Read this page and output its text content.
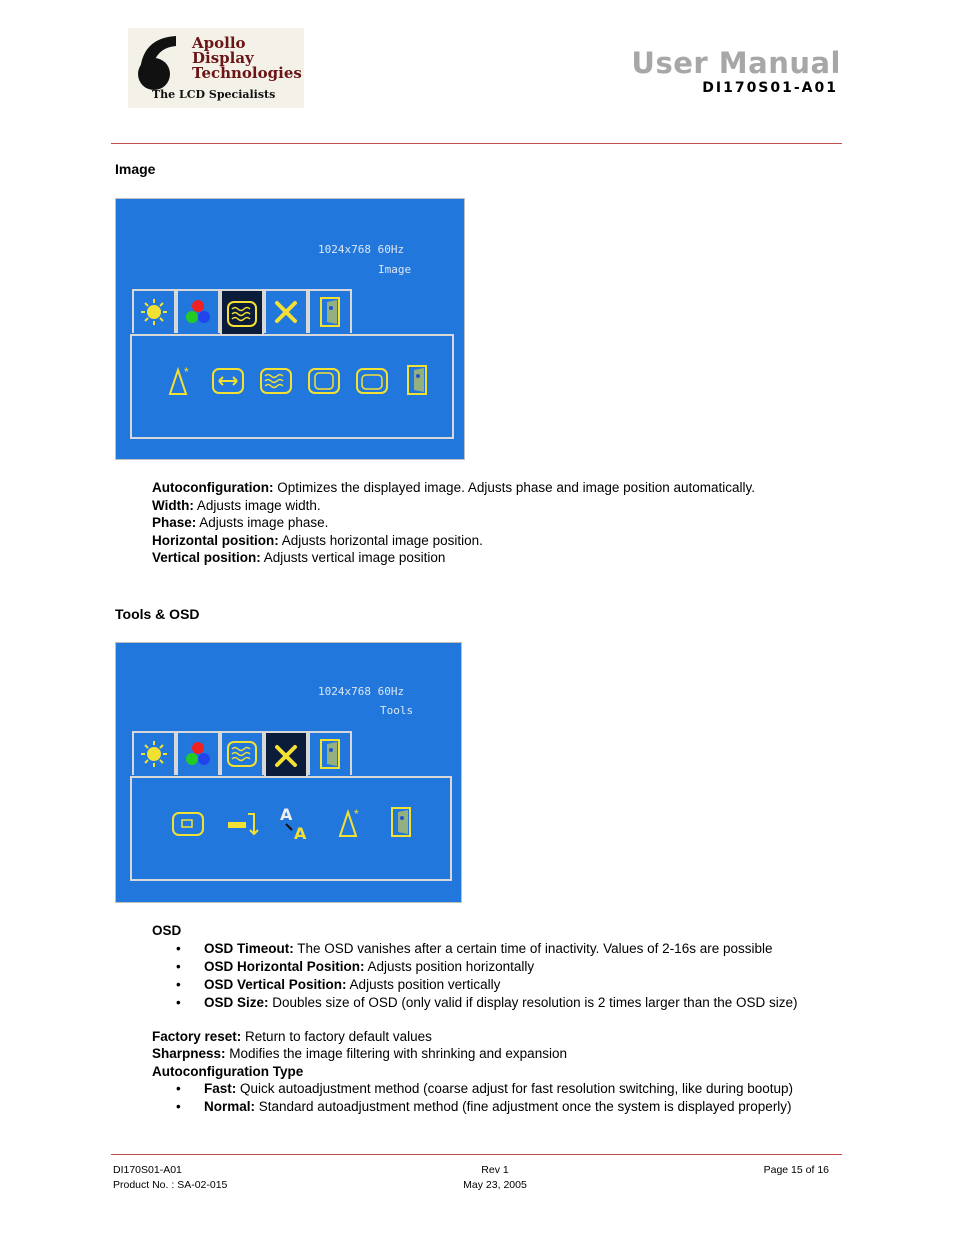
Apollo
Display
Technologies
The LCD Specialists
User Manual
DI170S01-A01
Image
1024x768 60Hz
Image
*
Autoconfiguration: Optimizes the displayed image. Adjusts phase and image position automatically.
Width: Adjusts image width.
Phase: Adjusts image phase.
Horizontal position: Adjusts horizontal image position.
Vertical position: Adjusts vertical image position
Tools & OSD
1024x768 60Hz
Tools
A
A
*
OSD
• OSD Timeout: The OSD vanishes after a certain time of inactivity. Values of 2-16s are possible
• OSD Horizontal Position: Adjusts position horizontally
• OSD Vertical Position: Adjusts position vertically
• OSD Size: Doubles size of OSD (only valid if display resolution is 2 times larger than the OSD size)
Factory reset: Return to factory default values
Sharpness: Modifies the image filtering with shrinking and expansion
Autoconfiguration Type
• Fast: Quick autoadjustment method (coarse adjust for fast resolution switching, like during bootup)
• Normal: Standard autoadjustment method (fine adjustment once the system is displayed properly)
DI170S01-A01
Product No. : SA-02-015
Rev 1
May 23, 2005
Page 15 of 16
